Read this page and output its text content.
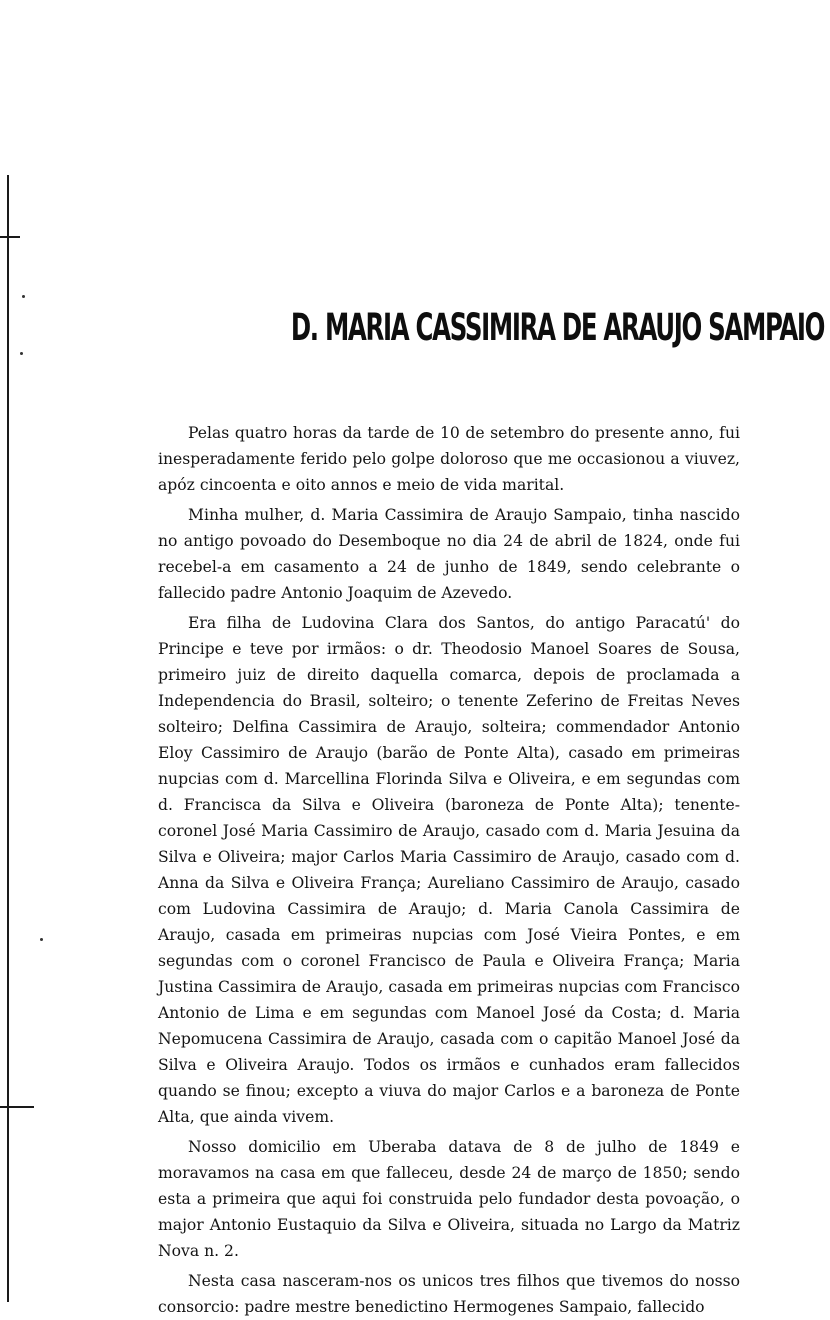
D. MARIA CASSIMIRA DE ARAUJO SAMPAIO

Pelas quatro horas da tarde de 10 de setembro do presente anno, fui inesperadamente ferido pelo golpe doloroso que me occasionou a viuvez, apóz cincoenta e oito annos e meio de vida marital.

Minha mulher, d. Maria Cassimira de Araujo Sampaio, tinha nascido no antigo povoado do Desemboque no dia 24 de abril de 1824, onde fui recebel-a em casamento a 24 de junho de 1849, sendo celebrante o fallecido padre Antonio Joaquim de Azevedo.

Era filha de Ludovina Clara dos Santos, do antigo Paracatú' do Principe e teve por irmãos: o dr. Theodosio Manoel Soares de Sousa, primeiro juiz de direito daquella comarca, depois de proclamada a Independencia do Brasil, solteiro; o tenente Zeferino de Freitas Neves solteiro; Delfina Cassimira de Araujo, solteira; commendador Antonio Eloy Cassimiro de Araujo (barão de Ponte Alta), casado em primeiras nupcias com d. Marcellina Florinda Silva e Oliveira, e em segundas com d. Francisca da Silva e Oliveira (baroneza de Ponte Alta); tenente-coronel José Maria Cassimiro de Araujo, casado com d. Maria Jesuina da Silva e Oliveira; major Carlos Maria Cassimiro de Araujo, casado com d. Anna da Silva e Oliveira França; Aureliano Cassimiro de Araujo, casado com Ludovina Cassimira de Araujo; d. Maria Canola Cassimira de Araujo, casada em primeiras nupcias com José Vieira Pontes, e em segundas com o coronel Francisco de Paula e Oliveira França; Maria Justina Cassimira de Araujo, casada em primeiras nupcias com Francisco Antonio de Lima e em segundas com Manoel José da Costa; d. Maria Nepomucena Cassimira de Araujo, casada com o capitão Manoel José da Silva e Oliveira Araujo. Todos os irmãos e cunhados eram fallecidos quando se finou; excepto a viuva do major Carlos e a baroneza de Ponte Alta, que ainda vivem.

Nosso domicilio em Uberaba datava de 8 de julho de 1849 e moravamos na casa em que falleceu, desde 24 de março de 1850; sendo esta a primeira que aqui foi construida pelo fundador desta povoação, o major Antonio Eustaquio da Silva e Oliveira, situada no Largo da Matriz Nova n. 2.

Nesta casa nasceram-nos os unicos tres filhos que tivemos do nosso consorcio: padre mestre benedictino Hermogenes Sampaio, fallecido
